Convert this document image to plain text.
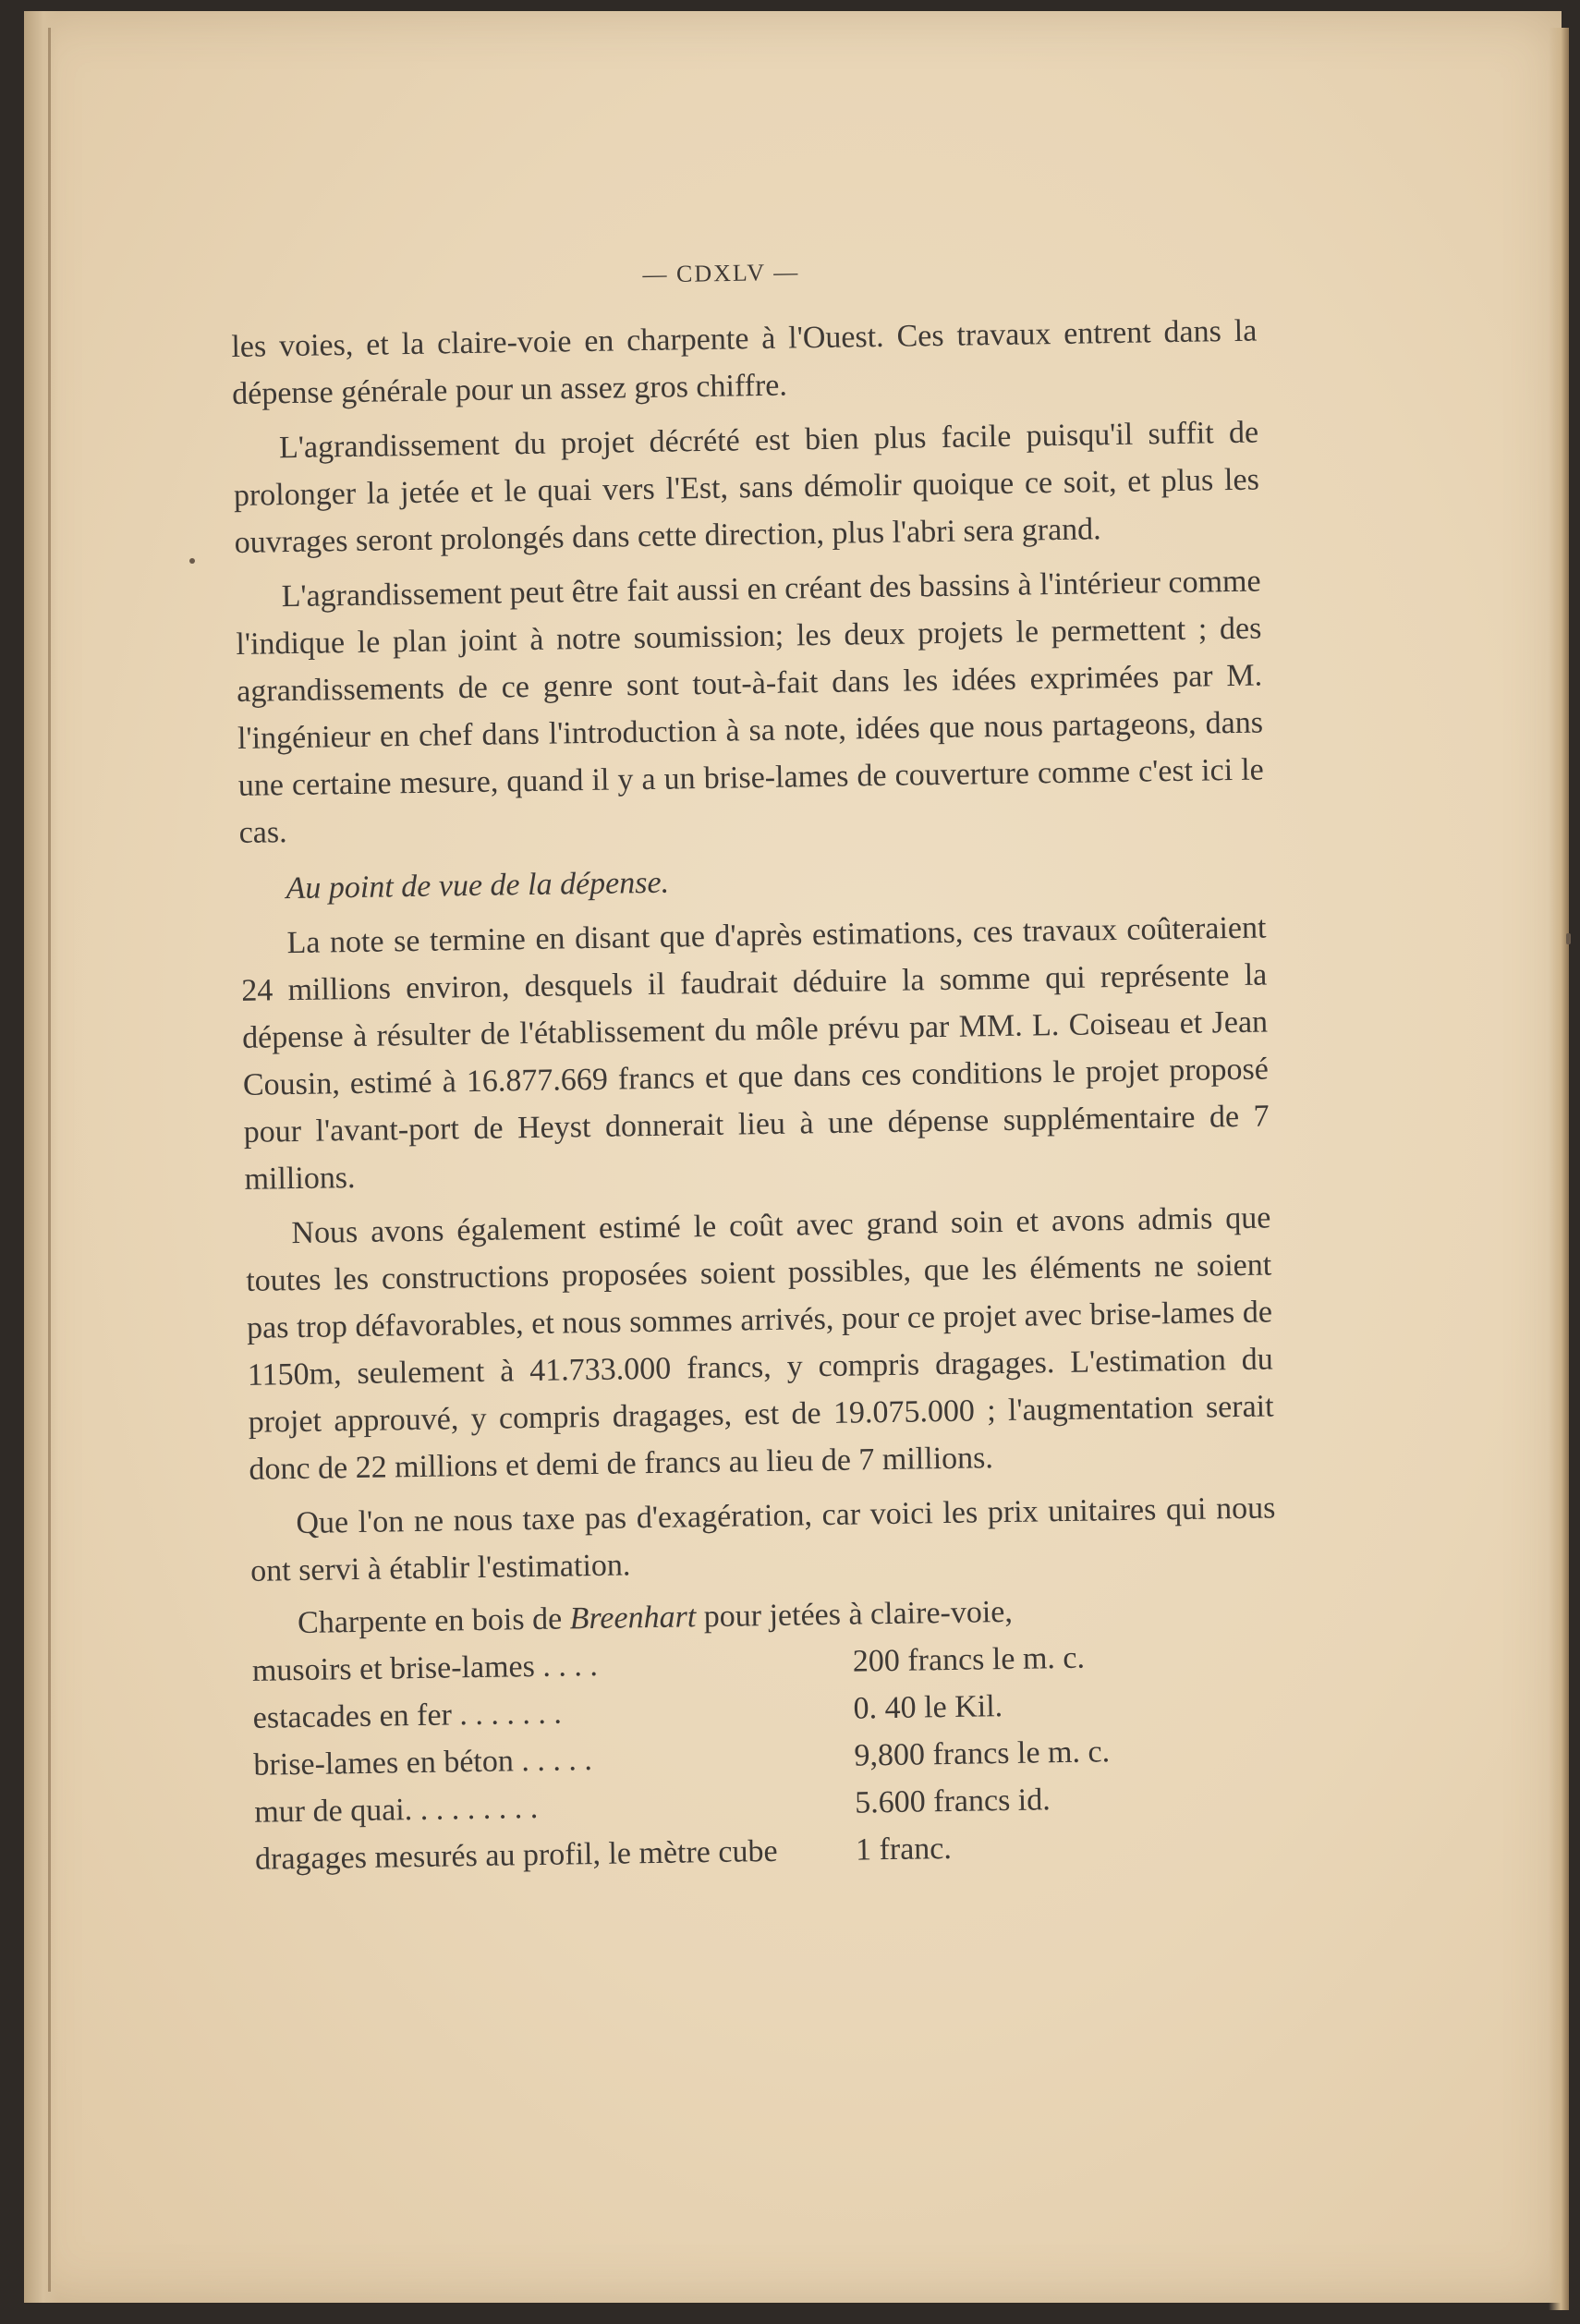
— CDXLV —

les voies, et la claire-voie en charpente à l'Ouest. Ces travaux entrent dans la dépense générale pour un assez gros chiffre.

L'agrandissement du projet décrété est bien plus facile puisqu'il suffit de prolonger la jetée et le quai vers l'Est, sans démolir quoique ce soit, et plus les ouvrages seront prolongés dans cette direction, plus l'abri sera grand.

L'agrandissement peut être fait aussi en créant des bassins à l'intérieur comme l'indique le plan joint à notre soumission; les deux projets le permettent ; des agrandissements de ce genre sont tout-à-fait dans les idées exprimées par M. l'ingénieur en chef dans l'introduction à sa note, idées que nous partageons, dans une certaine mesure, quand il y a un brise-lames de couverture comme c'est ici le cas.

Au point de vue de la dépense.

La note se termine en disant que d'après estimations, ces travaux coûteraient 24 millions environ, desquels il faudrait déduire la somme qui représente la dépense à résulter de l'établissement du môle prévu par MM. L. Coiseau et Jean Cousin, estimé à 16.877.669 francs et que dans ces conditions le projet proposé pour l'avant-port de Heyst donnerait lieu à une dépense supplémentaire de 7 millions.

Nous avons également estimé le coût avec grand soin et avons admis que toutes les constructions proposées soient possibles, que les éléments ne soient pas trop défavorables, et nous sommes arrivés, pour ce projet avec brise-lames de 1150m, seulement à 41.733.000 francs, y compris dragages. L'estimation du projet approuvé, y compris dragages, est de 19.075.000 ; l'augmentation serait donc de 22 millions et demi de francs au lieu de 7 millions.

Que l'on ne nous taxe pas d'exagération, car voici les prix unitaires qui nous ont servi à établir l'estimation.

Charpente en bois de Breenhart pour jetées à claire-voie,

musoirs et brise-lames . . . .	200 francs le m. c.
estacades en fer . . . . . . .	0. 40 le Kil.
brise-lames en béton . . . . .	9,800 francs le m. c.
mur de quai. . . . . . . . .	5.600 francs id.
dragages mesurés au profil, le mètre cube	1 franc.
